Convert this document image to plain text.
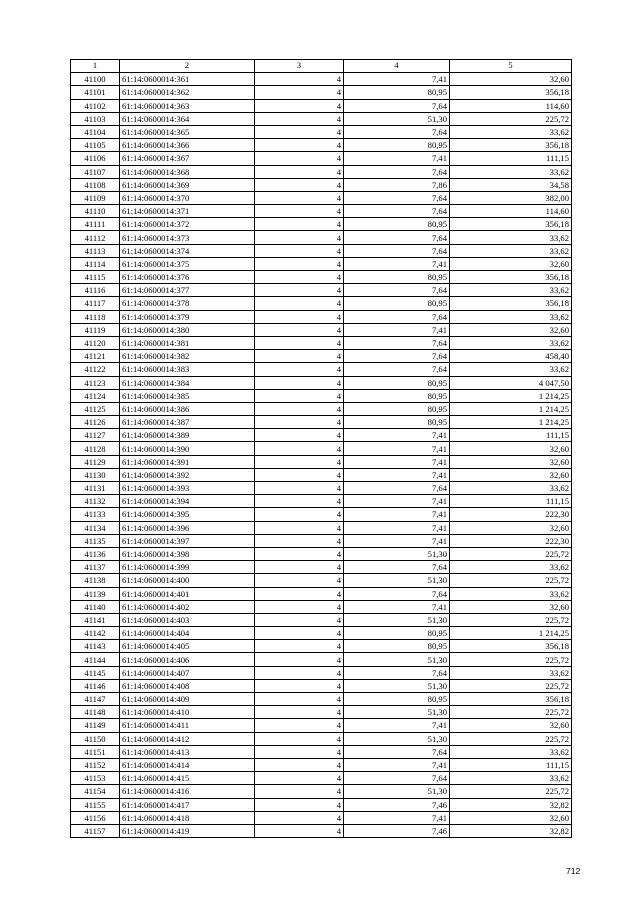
1	2	3	4	5
41100	61:14:0600014:361	4	7,41	32,60
41101	61:14:0600014:362	4	80,95	356,18
41102	61:14:0600014:363	4	7,64	114,60
41103	61:14:0600014:364	4	51,30	225,72
41104	61:14:0600014:365	4	7,64	33,62
41105	61:14:0600014:366	4	80,95	356,18
41106	61:14:0600014:367	4	7,41	111,15
41107	61:14:0600014:368	4	7,64	33,62
41108	61:14:0600014:369	4	7,86	34,58
41109	61:14:0600014:370	4	7,64	382,00
41110	61:14:0600014:371	4	7,64	114,60
41111	61:14:0600014:372	4	80,95	356,18
41112	61:14:0600014:373	4	7,64	33,62
41113	61:14:0600014:374	4	7,64	33,62
41114	61:14:0600014:375	4	7,41	32,60
41115	61:14:0600014:376	4	80,95	356,18
41116	61:14:0600014:377	4	7,64	33,62
41117	61:14:0600014:378	4	80,95	356,18
41118	61:14:0600014:379	4	7,64	33,62
41119	61:14:0600014:380	4	7,41	32,60
41120	61:14:0600014:381	4	7,64	33,62
41121	61:14:0600014:382	4	7,64	458,40
41122	61:14:0600014:383	4	7,64	33,62
41123	61:14:0600014:384	4	80,95	4 047,50
41124	61:14:0600014:385	4	80,95	1 214,25
41125	61:14:0600014:386	4	80,95	1 214,25
41126	61:14:0600014:387	4	80,95	1 214,25
41127	61:14:0600014:389	4	7,41	111,15
41128	61:14:0600014:390	4	7,41	32,60
41129	61:14:0600014:391	4	7,41	32,60
41130	61:14:0600014:392	4	7,41	32,60
41131	61:14:0600014:393	4	7,64	33,62
41132	61:14:0600014:394	4	7,41	111,15
41133	61:14:0600014:395	4	7,41	222,30
41134	61:14:0600014:396	4	7,41	32,60
41135	61:14:0600014:397	4	7,41	222,30
41136	61:14:0600014:398	4	51,30	225,72
41137	61:14:0600014:399	4	7,64	33,62
41138	61:14:0600014:400	4	51,30	225,72
41139	61:14:0600014:401	4	7,64	33,62
41140	61:14:0600014:402	4	7,41	32,60
41141	61:14:0600014:403	4	51,30	225,72
41142	61:14:0600014:404	4	80,95	1 214,25
41143	61:14:0600014:405	4	80,95	356,18
41144	61:14:0600014:406	4	51,30	225,72
41145	61:14:0600014:407	4	7,64	33,62
41146	61:14:0600014:408	4	51,30	225,72
41147	61:14:0600014:409	4	80,95	356,18
41148	61:14:0600014:410	4	51,30	225,72
41149	61:14:0600014:411	4	7,41	32,60
41150	61:14:0600014:412	4	51,30	225,72
41151	61:14:0600014:413	4	7,64	33,62
41152	61:14:0600014:414	4	7,41	111,15
41153	61:14:0600014:415	4	7,64	33,62
41154	61:14:0600014:416	4	51,30	225,72
41155	61:14:0600014:417	4	7,46	32,82
41156	61:14:0600014:418	4	7,41	32,60
41157	61:14:0600014:419	4	7,46	32,82
712
